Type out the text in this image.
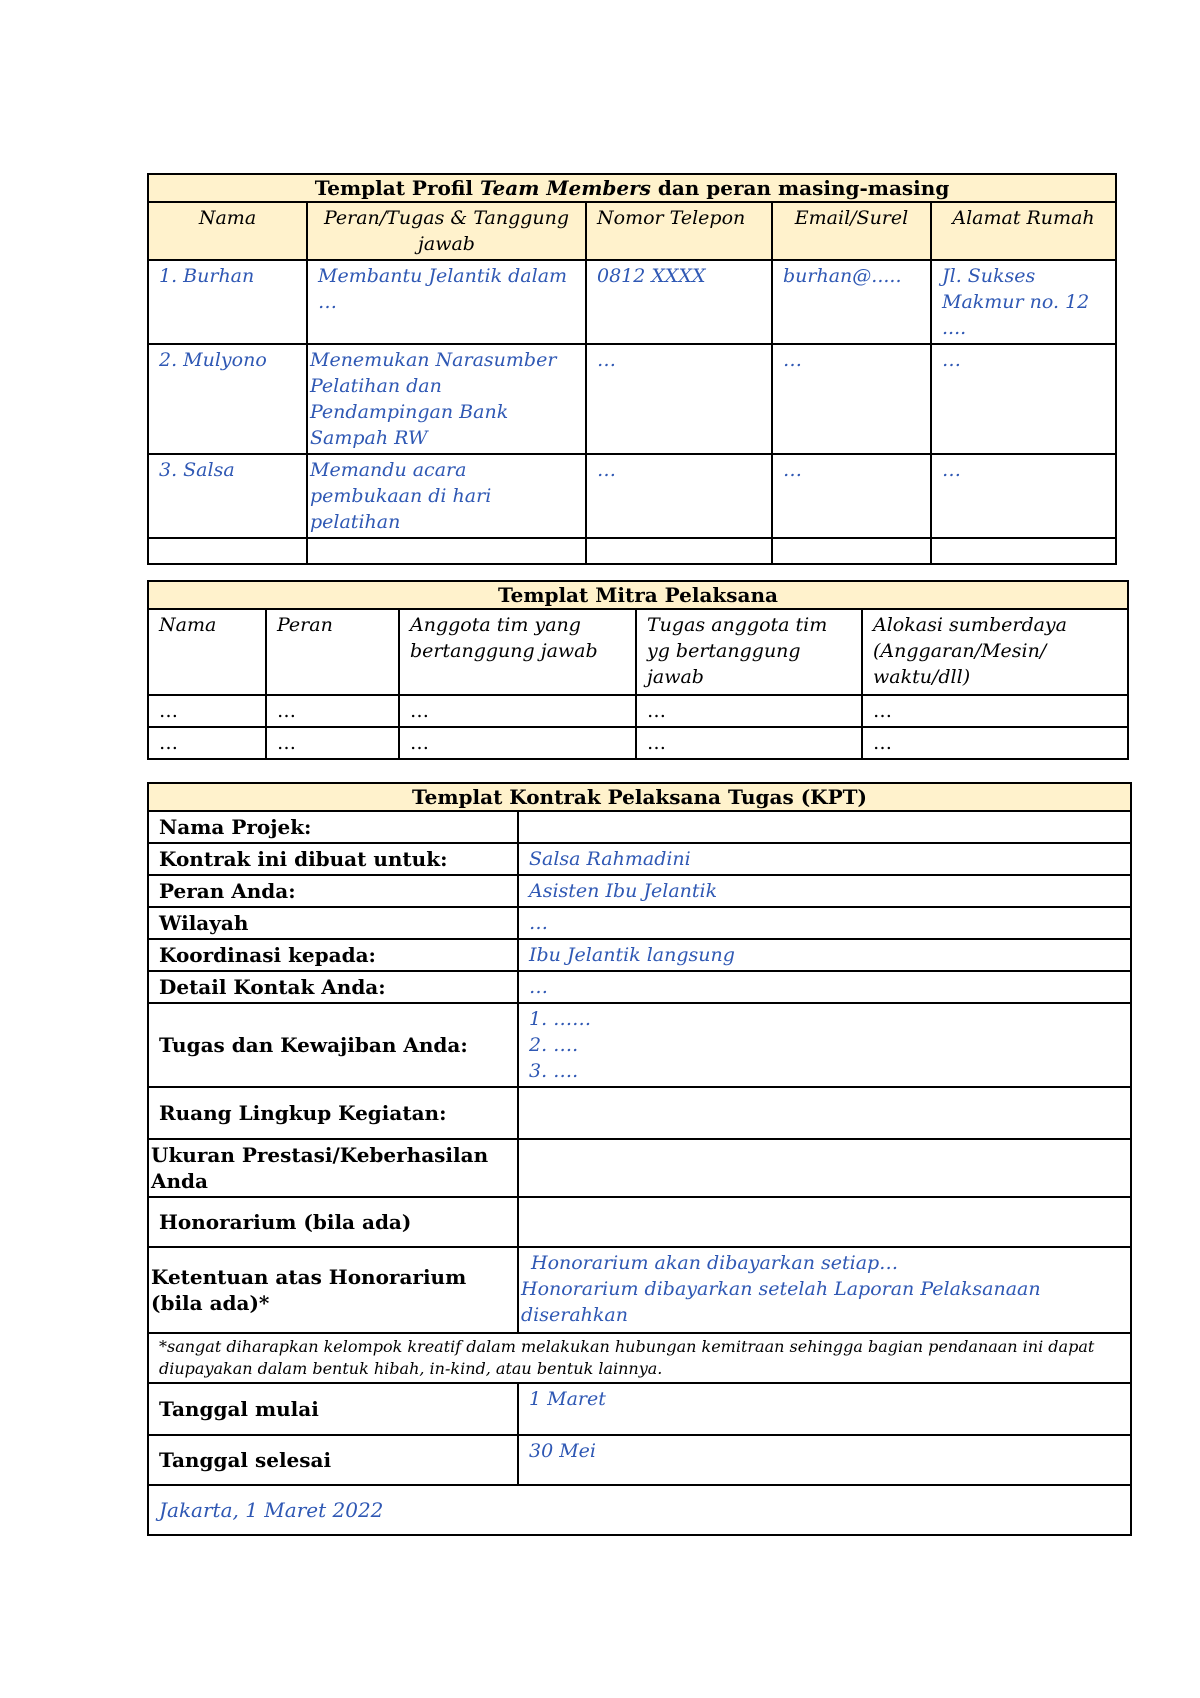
Templat Profil Team Members dan peran masing-masing				
Nama	Peran/Tugas & Tanggung jawab	Nomor Telepon	Email/Surel	Alamat Rumah
1. Burhan	Membantu Jelantik dalam …	0812 XXXX	burhan@.....	Jl. Sukses Makmur no. 12 ....
2. Mulyono	Menemukan Narasumber Pelatihan dan Pendampingan Bank Sampah RW	…	…	…
3. Salsa	Memandu acara pembukaan di hari pelatihan	…	…	…

Templat Mitra Pelaksana				
Nama	Peran	Anggota tim yang bertanggung jawab	Tugas anggota tim yg bertanggung jawab	Alokasi sumberdaya (Anggaran/Mesin/ waktu/dll)
…	…	…	…	…
…	…	…	…	…
Templat Kontrak Pelaksana Tugas (KPT)	
Nama Projek:	
Kontrak ini dibuat untuk:	Salsa Rahmadini
Peran Anda:	Asisten Ibu Jelantik
Wilayah	…
Koordinasi kepada:	Ibu Jelantik langsung
Detail Kontak Anda:	…
Tugas dan Kewajiban Anda:	1. ……
2. ….
3. ….

Ruang Lingkup Kegiatan:	
Ukuran Prestasi/Keberhasilan Anda	
Honorarium (bila ada)	
Ketentuan atas Honorarium (bila ada)*	Honorarium akan dibayarkan setiap…
Honorarium dibayarkan setelah Laporan Pelaksanaan diserahkan

*sangat diharapkan kelompok kreatif dalam melakukan hubungan kemitraan sehingga bagian pendanaan ini dapat diupayakan dalam bentuk hibah, in-kind, atau bentuk lainnya.	
Tanggal mulai	1 Maret
Tanggal selesai	30 Mei
Jakarta, 1 Maret 2022	
